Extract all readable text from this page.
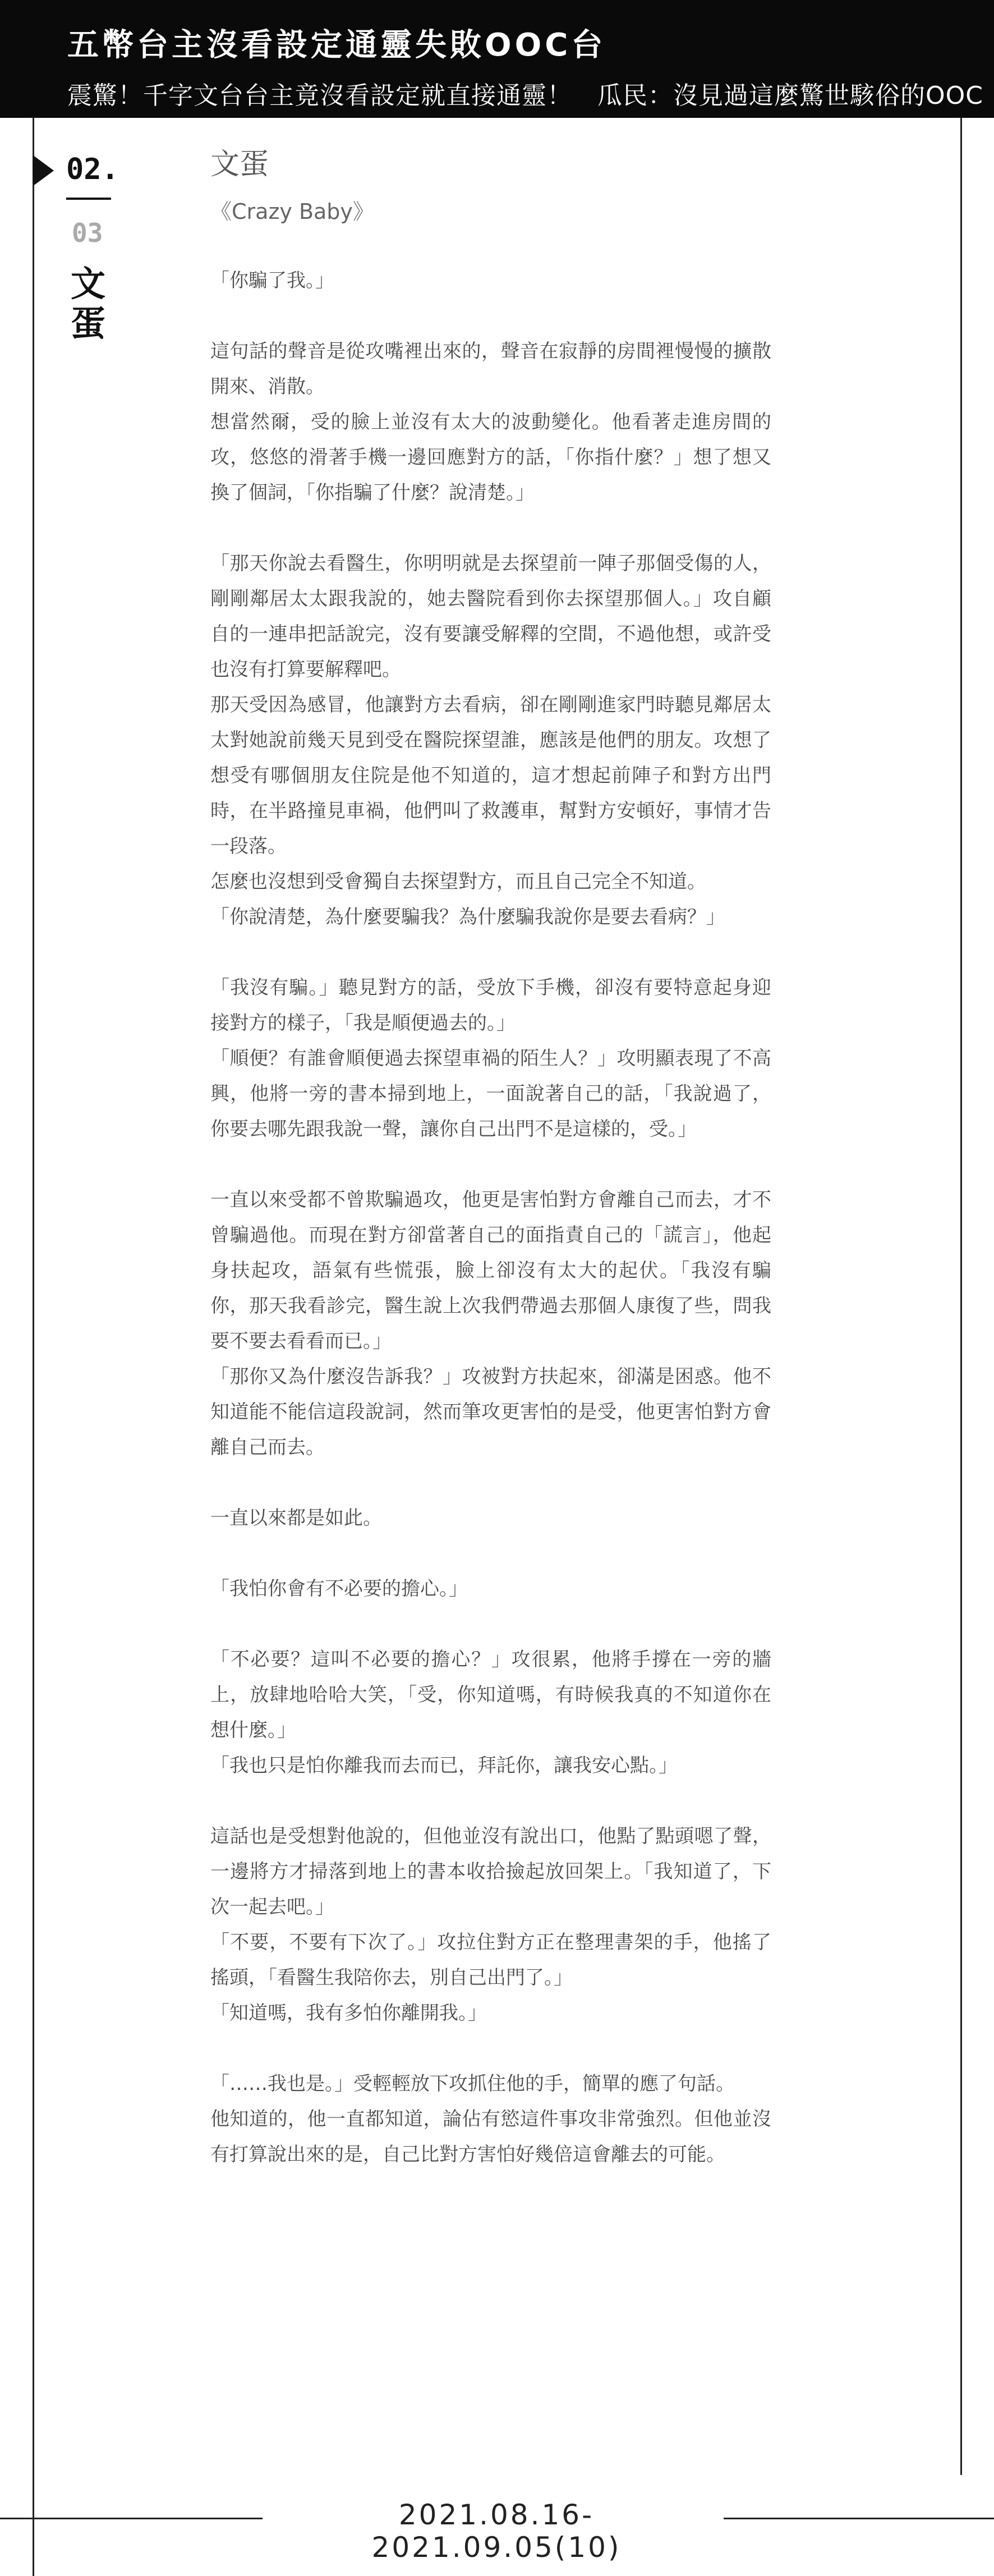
五幣台主沒看設定通靈失敗OOC台
震驚！千字文台台主竟沒看設定就直接通靈！　瓜民：沒見過這麼驚世駭俗的OOC
02.
03
文
蛋
文蛋
《Crazy Baby》

「你騙了我。」

這句話的聲音是從攻嘴裡出來的，聲音在寂靜的房間裡慢慢的擴散開來、消散。

想當然爾，受的臉上並沒有太大的波動變化。他看著走進房間的攻，悠悠的滑著手機一邊回應對方的話，「你指什麼？」想了想又換了個詞，「你指騙了什麼？說清楚。」

「那天你說去看醫生，你明明就是去探望前一陣子那個受傷的人，剛剛鄰居太太跟我說的，她去醫院看到你去探望那個人。」攻自顧自的一連串把話說完，沒有要讓受解釋的空間，不過他想，或許受也沒有打算要解釋吧。

那天受因為感冒，他讓對方去看病，卻在剛剛進家門時聽見鄰居太太對她說前幾天見到受在醫院探望誰，應該是他們的朋友。攻想了想受有哪個朋友住院是他不知道的，這才想起前陣子和對方出門時，在半路撞見車禍，他們叫了救護車，幫對方安頓好，事情才告一段落。

怎麼也沒想到受會獨自去探望對方，而且自己完全不知道。

「你說清楚，為什麼要騙我？為什麼騙我說你是要去看病？」

「我沒有騙。」聽見對方的話，受放下手機，卻沒有要特意起身迎接對方的樣子，「我是順便過去的。」

「順便？有誰會順便過去探望車禍的陌生人？」攻明顯表現了不高興，他將一旁的書本掃到地上，一面說著自己的話，「我說過了，你要去哪先跟我說一聲，讓你自己出門不是這樣的，受。」

一直以來受都不曾欺騙過攻，他更是害怕對方會離自己而去，才不曾騙過他。而現在對方卻當著自己的面指責自己的「謊言」，他起身扶起攻，語氣有些慌張，臉上卻沒有太大的起伏。「我沒有騙你，那天我看診完，醫生說上次我們帶過去那個人康復了些，問我要不要去看看而已。」

「那你又為什麼沒告訴我？」攻被對方扶起來，卻滿是困惑。他不知道能不能信這段說詞，然而筆攻更害怕的是受，他更害怕對方會離自己而去。

一直以來都是如此。

「我怕你會有不必要的擔心。」

「不必要？這叫不必要的擔心？」攻很累，他將手撐在一旁的牆上，放肆地哈哈大笑，「受，你知道嗎，有時候我真的不知道你在想什麼。」

「我也只是怕你離我而去而已，拜託你，讓我安心點。」

這話也是受想對他說的，但他並沒有說出口，他點了點頭嗯了聲，一邊將方才掃落到地上的書本收拾撿起放回架上。「我知道了，下次一起去吧。」

「不要，不要有下次了。」攻拉住對方正在整理書架的手，他搖了搖頭，「看醫生我陪你去，別自己出門了。」

「知道嗎，我有多怕你離開我。」

「……我也是。」受輕輕放下攻抓住他的手，簡單的應了句話。

他知道的，他一直都知道，論佔有慾這件事攻非常強烈。但他並沒有打算說出來的是，自己比對方害怕好幾倍這會離去的可能。

2021.08.16-2021.09.05(10)
